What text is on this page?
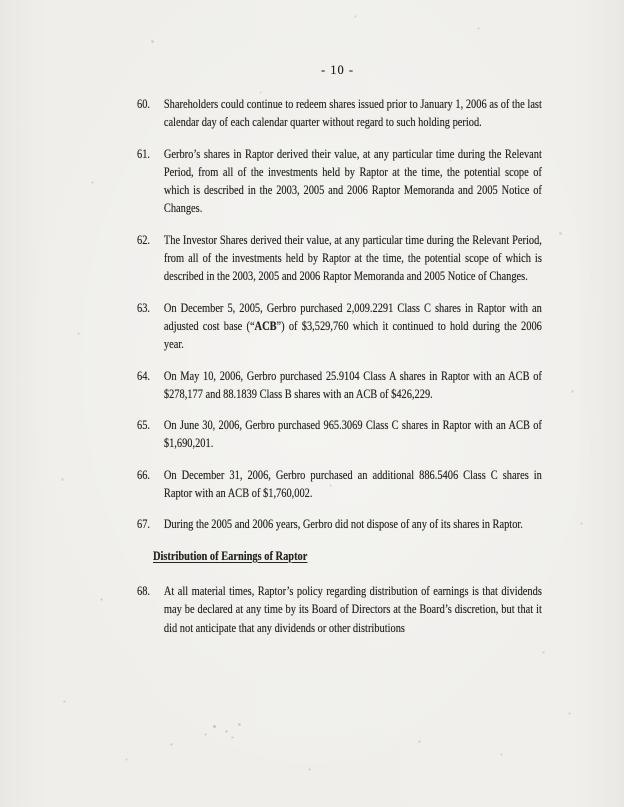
- 10 -
60.	Shareholders could continue to redeem shares issued prior to January 1, 2006 as of the last calendar day of each calendar quarter without regard to such holding period.
61.	Gerbro’s shares in Raptor derived their value, at any particular time during the Relevant Period, from all of the investments held by Raptor at the time, the potential scope of which is described in the 2003, 2005 and 2006 Raptor Memoranda and 2005 Notice of Changes.
62.	The Investor Shares derived their value, at any particular time during the Relevant Period, from all of the investments held by Raptor at the time, the potential scope of which is described in the 2003, 2005 and 2006 Raptor Memoranda and 2005 Notice of Changes.
63.	On December 5, 2005, Gerbro purchased 2,009.2291 Class C shares in Raptor with an adjusted cost base (“ACB”) of $3,529,760 which it continued to hold during the 2006 year.
64.	On May 10, 2006, Gerbro purchased 25.9104 Class A shares in Raptor with an ACB of $278,177 and 88.1839 Class B shares with an ACB of $426,229.
65.	On June 30, 2006, Gerbro purchased 965.3069 Class C shares in Raptor with an ACB of $1,690,201.
66.	On December 31, 2006, Gerbro purchased an additional 886.5406 Class C shares in Raptor with an ACB of $1,760,002.
67.	During the 2005 and 2006 years, Gerbro did not dispose of any of its shares in Raptor.
Distribution of Earnings of Raptor
68.	At all material times, Raptor’s policy regarding distribution of earnings is that dividends may be declared at any time by its Board of Directors at the Board’s discretion, but that it did not anticipate that any dividends or other distributions
